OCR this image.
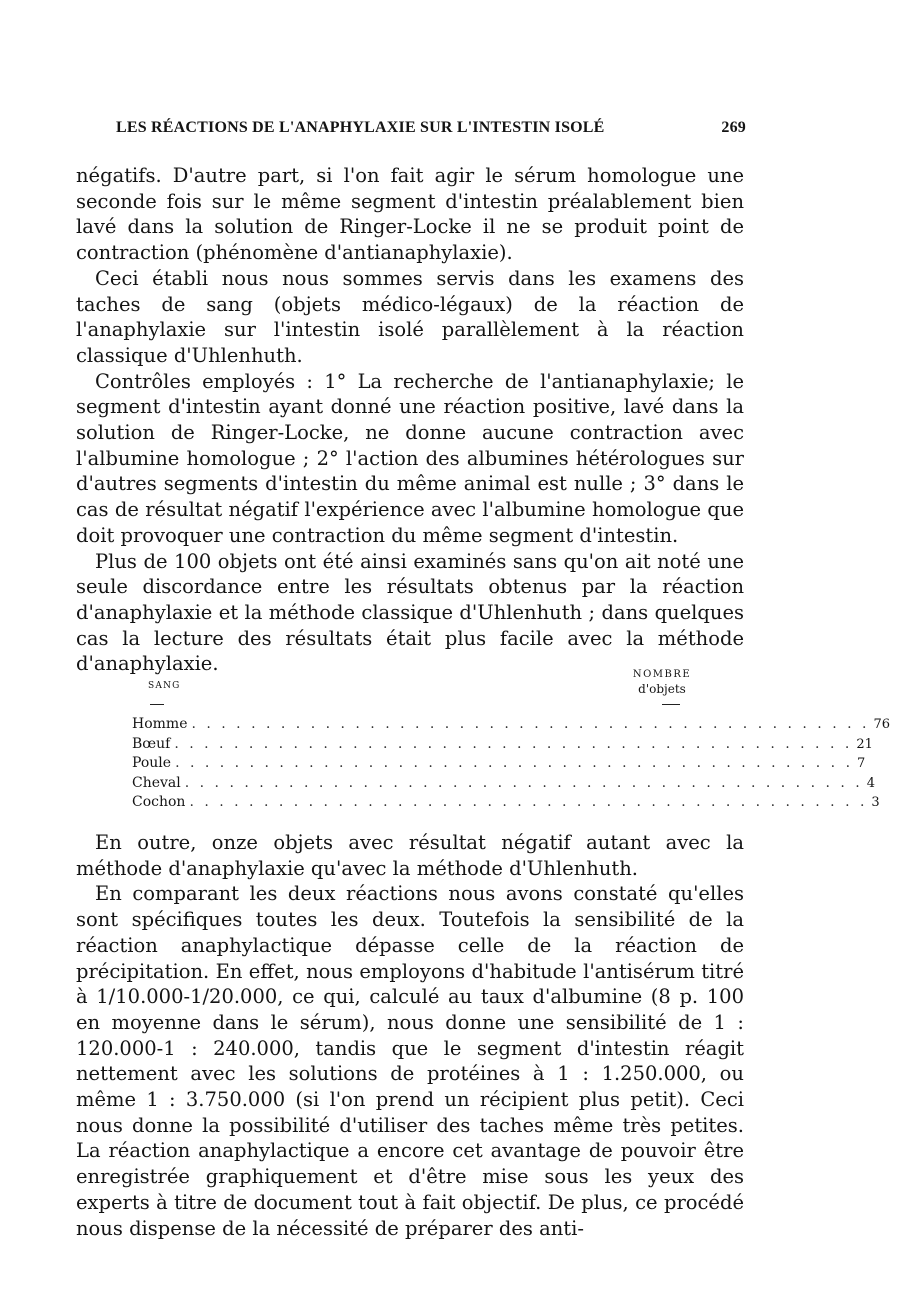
LES RÉACTIONS DE L'ANAPHYLAXIE SUR L'INTESTIN ISOLÉ	269

négatifs. D'autre part, si l'on fait agir le sérum homologue une seconde fois sur le même segment d'intestin préalablement bien lavé dans la solution de Ringer-Locke il ne se produit point de contraction (phénomène d'antianaphylaxie).

Ceci établi nous nous sommes servis dans les examens des taches de sang (objets médico-légaux) de la réaction de l'anaphylaxie sur l'intestin isolé parallèlement à la réaction classique d'Uhlenhuth.

Contrôles employés : 1° La recherche de l'antianaphylaxie; le segment d'intestin ayant donné une réaction positive, lavé dans la solution de Ringer-Locke, ne donne aucune contraction avec l'albumine homologue ; 2° l'action des albumines hétérologues sur d'autres segments d'intestin du même animal est nulle ; 3° dans le cas de résultat négatif l'expérience avec l'albumine homologue que doit provoquer une contraction du même segment d'intestin.

Plus de 100 objets ont été ainsi examinés sans qu'on ait noté une seule discordance entre les résultats obtenus par la réaction d'anaphylaxie et la méthode classique d'Uhlenhuth ; dans quelques cas la lecture des résultats était plus facile avec la méthode d'anaphylaxie.

SANG
NOMBRE
d'objets
Homme . . . . . . . . . . . . . . . . . . . . . . . . . . . . . . . . . . . . . . . . . . . . . . 76
Bœuf . . . . . . . . . . . . . . . . . . . . . . . . . . . . . . . . . . . . . . . . . . . . . . 21
Poule . . . . . . . . . . . . . . . . . . . . . . . . . . . . . . . . . . . . . . . . . . . . . . 7
Cheval . . . . . . . . . . . . . . . . . . . . . . . . . . . . . . . . . . . . . . . . . . . . . . 4
Cochon . . . . . . . . . . . . . . . . . . . . . . . . . . . . . . . . . . . . . . . . . . . . . . 3

En outre, onze objets avec résultat négatif autant avec la méthode d'anaphylaxie qu'avec la méthode d'Uhlenhuth.

En comparant les deux réactions nous avons constaté qu'elles sont spécifiques toutes les deux. Toutefois la sensibilité de la réaction anaphylactique dépasse celle de la réaction de précipitation. En effet, nous employons d'habitude l'antisérum titré à 1/10.000-1/20.000, ce qui, calculé au taux d'albumine (8 p. 100 en moyenne dans le sérum), nous donne une sensibilité de 1 : 120.000-1 : 240.000, tandis que le segment d'intestin réagit nettement avec les solutions de protéines à 1 : 1.250.000, ou même 1 : 3.750.000 (si l'on prend un récipient plus petit). Ceci nous donne la possibilité d'utiliser des taches même très petites. La réaction anaphylactique a encore cet avantage de pouvoir être enregistrée graphiquement et d'être mise sous les yeux des experts à titre de document tout à fait objectif. De plus, ce procédé nous dispense de la nécessité de préparer des anti-
